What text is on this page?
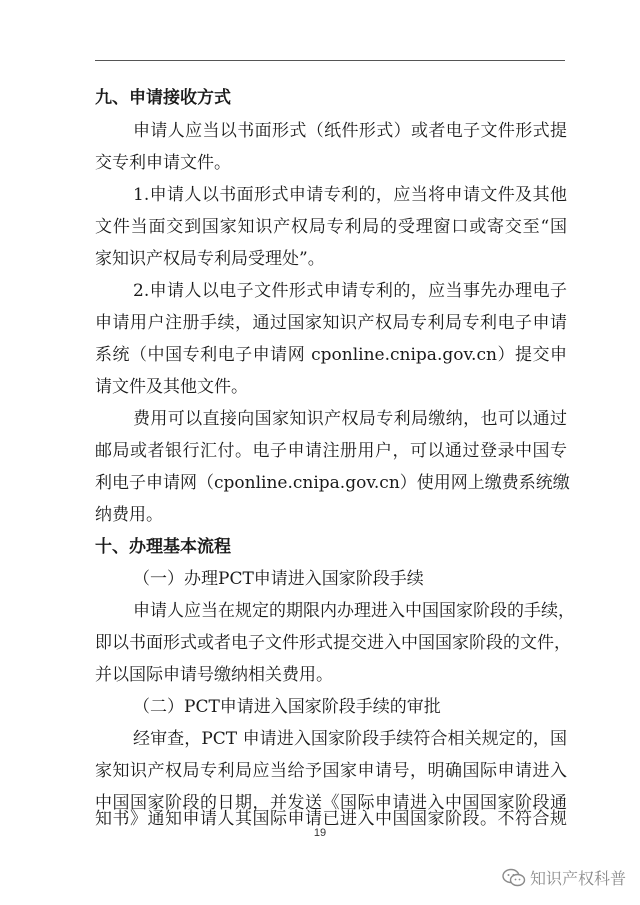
九、申请接收方式
申请人应当以书面形式（纸件形式）或者电子文件形式提
交专利申请文件。
1.申请人以书面形式申请专利的，应当将申请文件及其他
文件当面交到国家知识产权局专利局的受理窗口或寄交至“国
家知识产权局专利局受理处”。
2.申请人以电子文件形式申请专利的，应当事先办理电子
申请用户注册手续，通过国家知识产权局专利局专利电子申请
系统（中国专利电子申请网 cponline.cnipa.gov.cn）提交申
请文件及其他文件。
费用可以直接向国家知识产权局专利局缴纳，也可以通过
邮局或者银行汇付。电子申请注册用户，可以通过登录中国专
利电子申请网（cponline.cnipa.gov.cn）使用网上缴费系统缴
纳费用。
十、办理基本流程
（一）办理PCT申请进入国家阶段手续
申请人应当在规定的期限内办理进入中国国家阶段的手续，
即以书面形式或者电子文件形式提交进入中国国家阶段的文件，
并以国际申请号缴纳相关费用。
（二）PCT申请进入国家阶段手续的审批
经审查，PCT 申请进入国家阶段手续符合相关规定的，国
家知识产权局专利局应当给予国家申请号，明确国际申请进入
中国国家阶段的日期，并发送《国际申请进入中国国家阶段通
知书》通知申请人其国际申请已进入中国国家阶段。不符合规
19
知识产权科普
